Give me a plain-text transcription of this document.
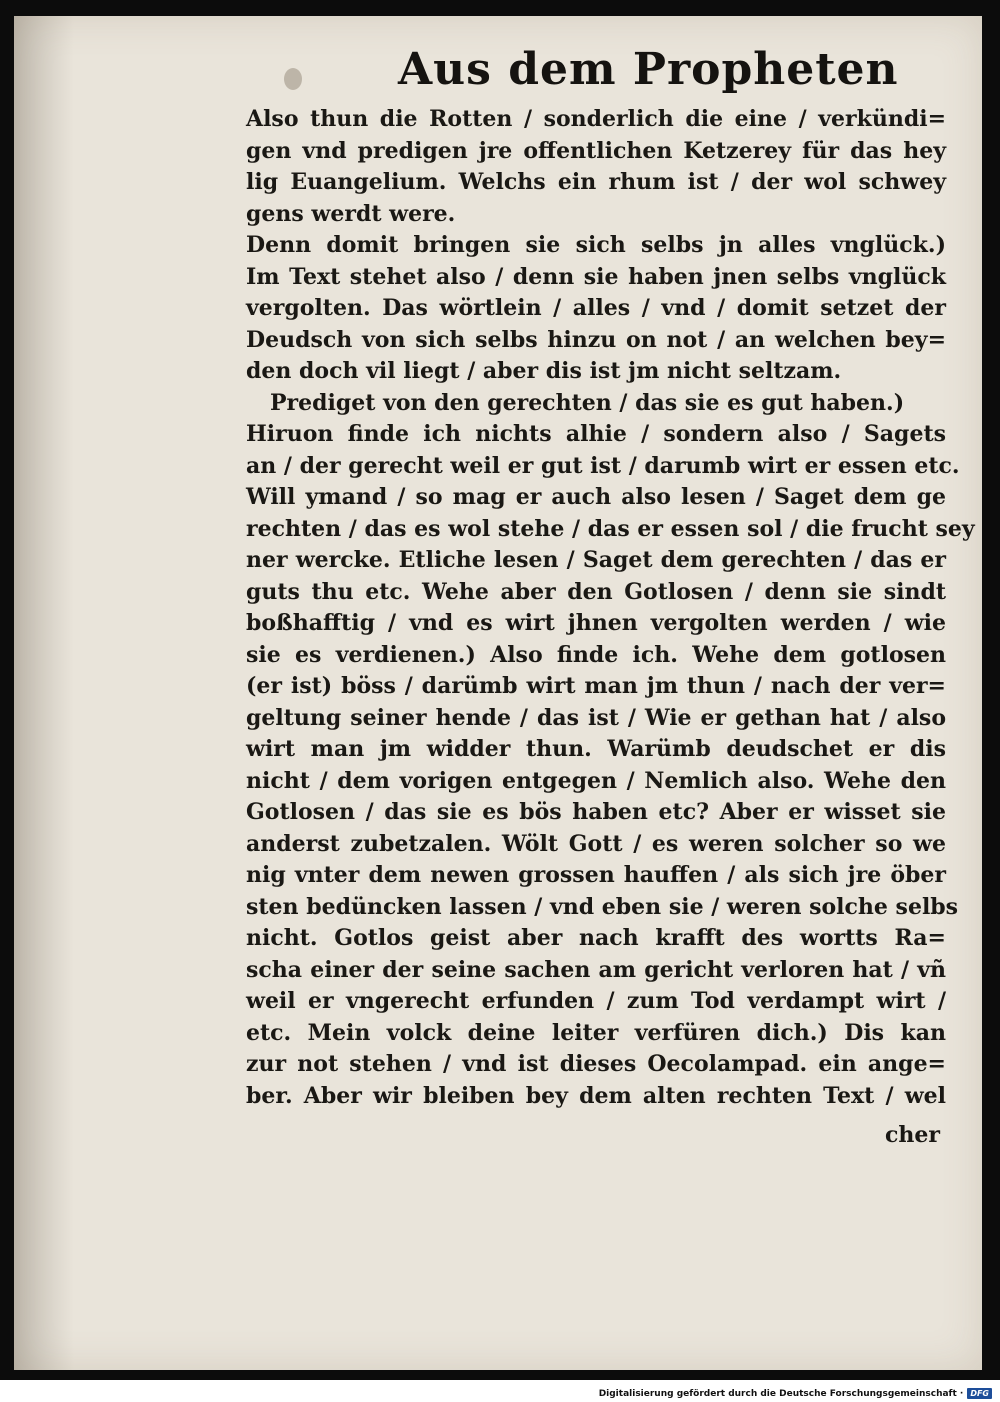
Aus dem Propheten
Also thun die Rotten / sonderlich die eine / verkündi=
gen vnd predigen jre offentlichen Ketzerey für das hey
lig Euangelium. Welchs ein rhum ist / der wol schwey
gens werdt were.
Denn domit bringen sie sich selbs jn alles vnglück.)
Im Text stehet also / denn sie haben jnen selbs vnglück
vergolten. Das wörtlein / alles / vnd / domit setzet der
Deudsch von sich selbs hinzu on not / an welchen bey=
den doch vil liegt / aber dis ist jm nicht seltzam.
Prediget von den gerechten / das sie es gut haben.)
Hiruon finde ich nichts alhie / sondern also / Sagets
an / der gerecht weil er gut ist / darumb wirt er essen etc.
Will ymand / so mag er auch also lesen / Saget dem ge
rechten / das es wol stehe / das er essen sol / die frucht sey
ner wercke. Etliche lesen / Saget dem gerechten / das er
guts thu etc. Wehe aber den Gotlosen / denn sie sindt
boßhafftig / vnd es wirt jhnen vergolten werden / wie
sie es verdienen.) Also finde ich. Wehe dem gotlosen
(er ist) böss / darümb wirt man jm thun / nach der ver=
geltung seiner hende / das ist / Wie er gethan hat / also
wirt man jm widder thun. Warümb deudschet er dis
nicht / dem vorigen entgegen / Nemlich also. Wehe den
Gotlosen / das sie es bös haben etc? Aber er wisset sie
anderst zubetzalen. Wölt Gott / es weren solcher so we
nig vnter dem newen grossen hauffen / als sich jre öber
sten bedüncken lassen / vnd eben sie / weren solche selbs
nicht. Gotlos geist aber nach krafft des wortts Ra=
scha einer der seine sachen am gericht verloren hat / vñ
weil er vngerecht erfunden / zum Tod verdampt wirt /
etc. Mein volck deine leiter verfüren dich.) Dis kan
zur not stehen / vnd ist dieses Oecolampad. ein ange=
ber. Aber wir bleiben bey dem alten rechten Text / wel
cher
Digitalisierung gefördert durch die Deutsche Forschungsgemeinschaft · DFG
